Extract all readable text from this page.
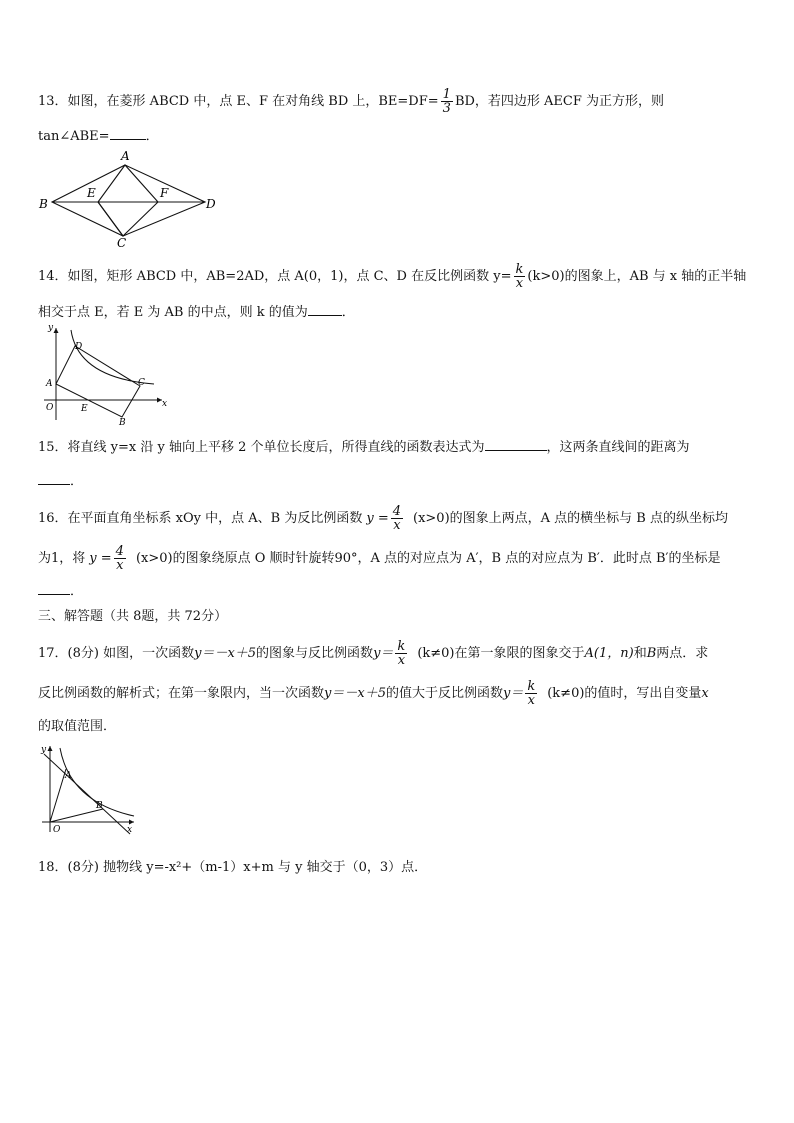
13．如图，在菱形 ABCD 中，点 E、F 在对角线 BD 上，$BE=DF= \frac{1}{3}$ BD，若四边形 AECF 为正方形，则
tan∠ABE=	．
A
B
C
D
E	F
14．如图，矩形 ABCD 中，AB=2AD，点 A(0，1)，点 C、D 在反比例函数 $y= \frac{k}{x} (k>0)$的图象上，AB 与 x 轴的正半轴
相交于点 E，若 E 为 AB 的中点，则 k 的值为	．
y
x
O
A
B
C
D
E
15．将直线 y=x 沿 y 轴向上平移 2 个单位长度后，所得直线的函数表达式为	，这两条直线间的距离为
．
16．在平面直角坐标系 xOy 中，点 A、B 为反比例函数 $y = \frac{4}{x} (x>0)$的图象上两点，A 点的横坐标与 B 点的纵坐标均
为1，将 $y = \frac{4}{x} (x>0)$的图象绕原点 O 顺时针旋转90°，A 点的对应点为 A′，B 点的对应点为 B′．此时点 B′的坐标是
．
三、解答题（共 8题，共 72分）
17．(8分) 如图，一次函数y＝－x＋5的图象与反比例函数$y= \frac{k}{x} (k\ne 0)$在第一象限的图象交于A(1，n)和B两点．求
反比例函数的解析式；在第一象限内，当一次函数y＝－x＋5的值大于反比例函数$y= \frac{k}{x} (k\ne 0)$的值时，写出自变量x
的取值范围．
y
x
O
A
B
18．(8分) 抛物线 y=-x²+（m-1）x+m 与 y 轴交于（0，3）点．
